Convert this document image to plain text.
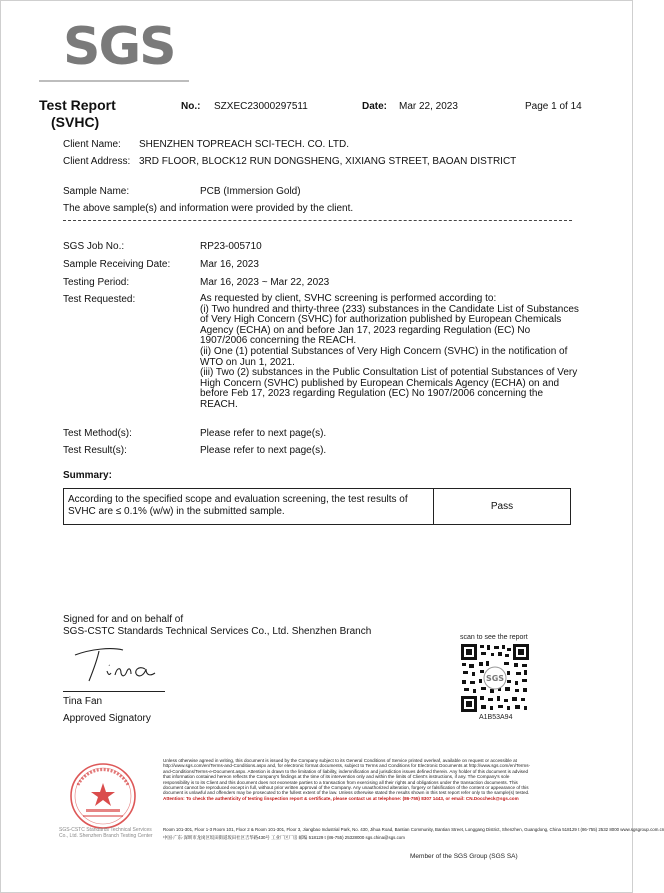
SGS
Test Report
(SVHC)
No.: SZXEC23000297511	Date: Mar 22, 2023	Page 1 of 14
Client Name: SHENZHEN TOPREACH SCI-TECH. CO. LTD.
Client Address: 3RD FLOOR, BLOCK12 RUN DONGSHENG, XIXIANG STREET, BAOAN DISTRICT
Sample Name:	PCB (Immersion Gold)
The above sample(s) and information were provided by the client.
SGS Job No.:	RP23-005710
Sample Receiving Date:	Mar 16, 2023
Testing Period:	Mar 16, 2023 ~ Mar 22, 2023
Test Requested:	As requested by client, SVHC screening is performed according to:

(i) Two hundred and thirty-three (233) substances in the Candidate List of Substances of Very High Concern (SVHC) for authorization published by European Chemicals Agency (ECHA) on and before Jan 17, 2023 regarding Regulation (EC) No 1907/2006 concerning the REACH.

(ii) One (1) potential Substances of Very High Concern (SVHC) in the notification of WTO on Jun 1, 2021.

(iii) Two (2) substances in the Public Consultation List of potential Substances of Very High Concern (SVHC) published by European Chemicals Agency (ECHA) on and before Feb 17, 2023 regarding Regulation (EC) No 1907/2006 concerning the REACH.

Test Method(s):	Please refer to next page(s).
Test Result(s):	Please refer to next page(s).
Summary:
According to the specified scope and evaluation screening, the test results of SVHC are ≤ 0.1% (w/w) in the submitted sample.	Pass
Signed for and on behalf of
SGS-CSTC Standards Technical Services Co., Ltd. Shenzhen Branch
Tina Fan
Approved Signatory
scan to see the report
SGS
A1B53A94
SGS-CSTC Standards Technical Services Co., Ltd. Shenzhen Branch Testing Center
Unless otherwise agreed in writing, this document is issued by the Company subject to its General Conditions of Service printed overleaf, available on request or accessible at http://www.sgs.com/en/Terms-and-Conditions.aspx and, for electronic format documents, subject to Terms and Conditions for Electronic Documents at http://www.sgs.com/en/Terms-and-Conditions/Terms-e-Document.aspx. Attention is drawn to the limitation of liability, indemnification and jurisdiction issues defined therein. Any holder of this document is advised that information contained hereon reflects the Company's findings at the time of its intervention only and within the limits of Client's instructions, if any. The Company's sole responsibility is to its Client and this document does not exonerate parties to a transaction from exercising all their rights and obligations under the transaction documents. This document cannot be reproduced except in full, without prior written approval of the Company. Any unauthorized alteration, forgery or falsification of the content or appearance of this document is unlawful and offenders may be prosecuted to the fullest extent of the law. Unless otherwise stated the results shown in this test report refer only to the sample(s) tested. Attention: To check the authenticity of testing /inspection report & certificate, please contact us at telephone: (86-755) 8307 1443, or email: CN.Doccheck@sgs.com
Room 101-301, Floor 1-3 Room 101, Floor 2 & Room 101-301, Floor 3, Jiangbao Industrial Park, No. 430, Jihua Road, Bantian Community, Bantian Street, Longgang District, Shenzhen, Guangdong, China 518129 t (86-755) 2532 8000 www.sgsgroup.com.cn
中国·广东·深圳市龙岗区坂田街道坂田社区吉华路430号 工业厂区厂房 邮编 518129 t (86-755) 25328000 sgs.china@sgs.com
Member of the SGS Group (SGS SA)
